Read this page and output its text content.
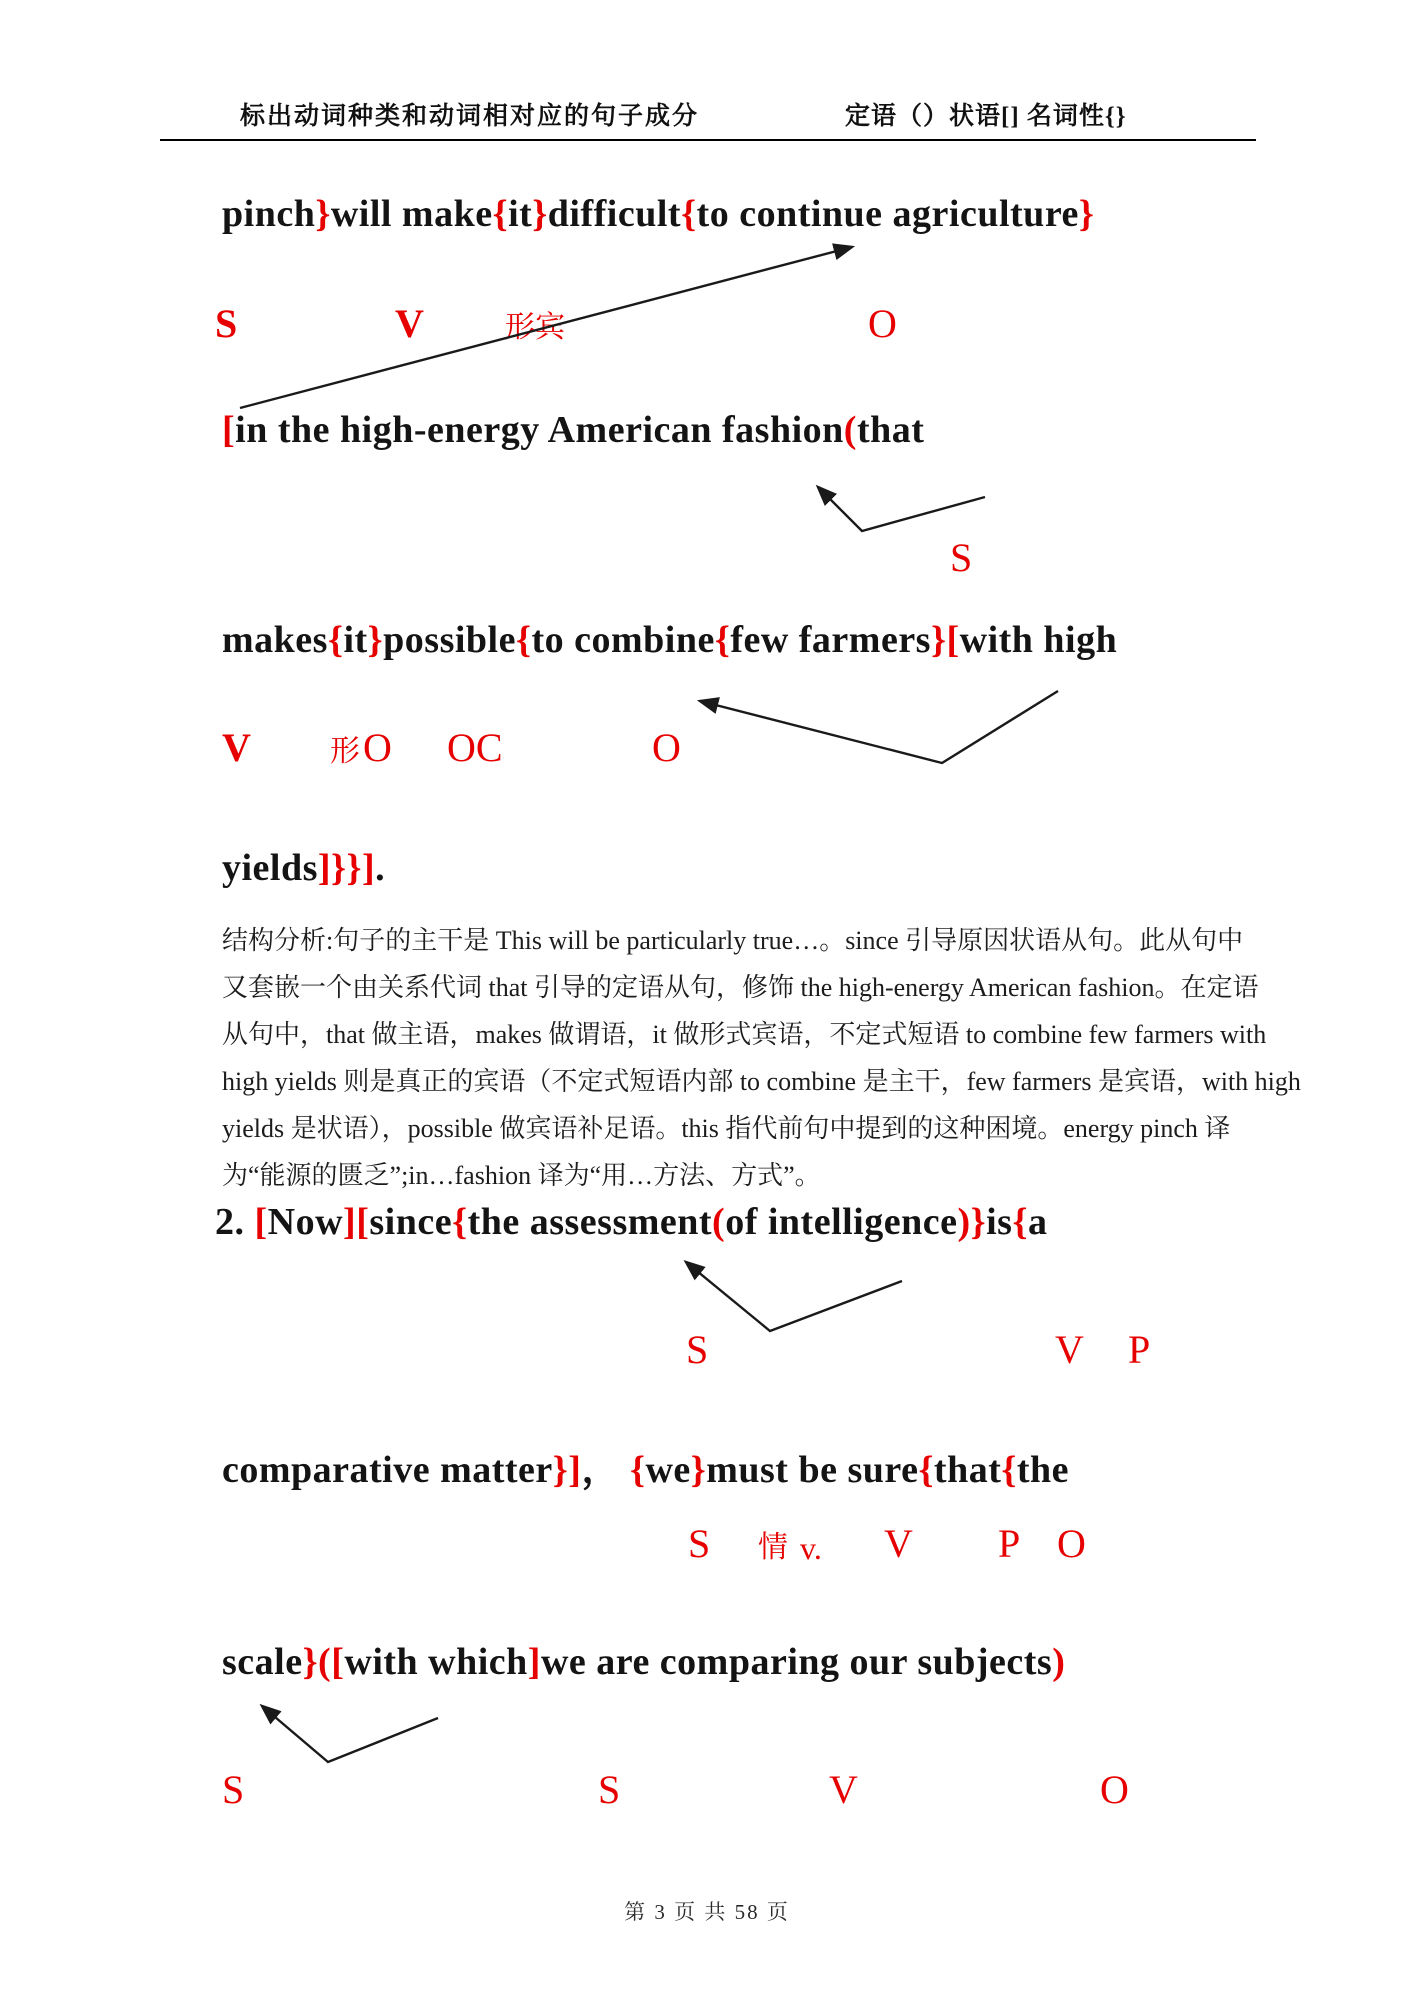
标出动词种类和动词相对应的句子成分	定语（）状语[] 名词性{}
pinch}will make{it}difficult{to continue agriculture}
S	V	形宾	O
[in the high-energy American fashion(that
S
makes{it}possible{to combine{few farmers}[with high
V	形 O OC	O
yields]}}].
结构分析:句子的主干是 This will be particularly true…。since 引导原因状语从句。此从句中
又套嵌一个由关系代词 that 引导的定语从句，修饰 the high-energy American fashion。在定语
从句中，that 做主语，makes 做谓语，it 做形式宾语，不定式短语 to combine few farmers with
high yields 则是真正的宾语（不定式短语内部 to combine 是主干，few farmers 是宾语，with high
yields 是状语），possible 做宾语补足语。this 指代前句中提到的这种困境。energy pinch 译
为“能源的匮乏”;in…fashion 译为“用…方法、方式”。
2. [Now][since{the assessment(of intelligence)}is{a
S	V P
comparative matter}]， {we}must be sure{that{the
S 情 v. V P O
scale}([with which]we are comparing our subjects)
S	S	V	O
第 3 页 共 58 页
